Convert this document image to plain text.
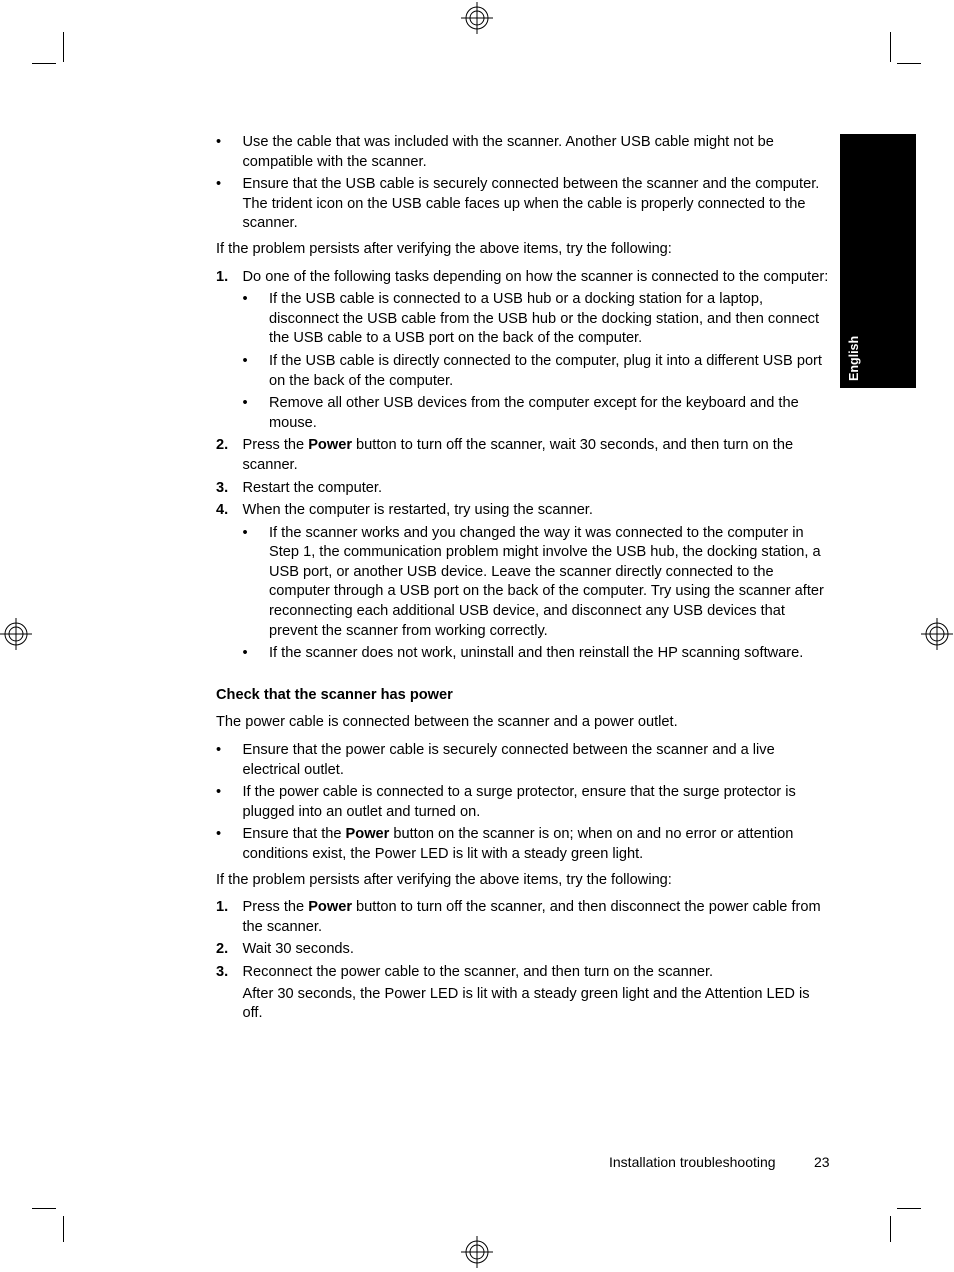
English
• Use the cable that was included with the scanner. Another USB cable might not be compatible with the scanner.
• Ensure that the USB cable is securely connected between the scanner and the computer. The trident icon on the USB cable faces up when the cable is properly connected to the scanner.

If the problem persists after verifying the above items, try the following:

1. Do one of the following tasks depending on how the scanner is connected to the computer:
• If the USB cable is connected to a USB hub or a docking station for a laptop, disconnect the USB cable from the USB hub or the docking station, and then connect the USB cable to a USB port on the back of the computer.
• If the USB cable is directly connected to the computer, plug it into a different USB port on the back of the computer.
• Remove all other USB devices from the computer except for the keyboard and the mouse.
2. Press the Power button to turn off the scanner, wait 30 seconds, and then turn on the scanner.
3. Restart the computer.
4. When the computer is restarted, try using the scanner.
• If the scanner works and you changed the way it was connected to the computer in Step 1, the communication problem might involve the USB hub, the docking station, a USB port, or another USB device. Leave the scanner directly connected to the computer through a USB port on the back of the computer. Try using the scanner after reconnecting each additional USB device, and disconnect any USB devices that prevent the scanner from working correctly.
• If the scanner does not work, uninstall and then reinstall the HP scanning software.

Check that the scanner has power

The power cable is connected between the scanner and a power outlet.

• Ensure that the power cable is securely connected between the scanner and a live electrical outlet.
• If the power cable is connected to a surge protector, ensure that the surge protector is plugged into an outlet and turned on.
• Ensure that the Power button on the scanner is on; when on and no error or attention conditions exist, the Power LED is lit with a steady green light.

If the problem persists after verifying the above items, try the following:

1. Press the Power button to turn off the scanner, and then disconnect the power cable from the scanner.
2. Wait 30 seconds.
3. Reconnect the power cable to the scanner, and then turn on the scanner.
After 30 seconds, the Power LED is lit with a steady green light and the Attention LED is off.
Installation troubleshooting	23
